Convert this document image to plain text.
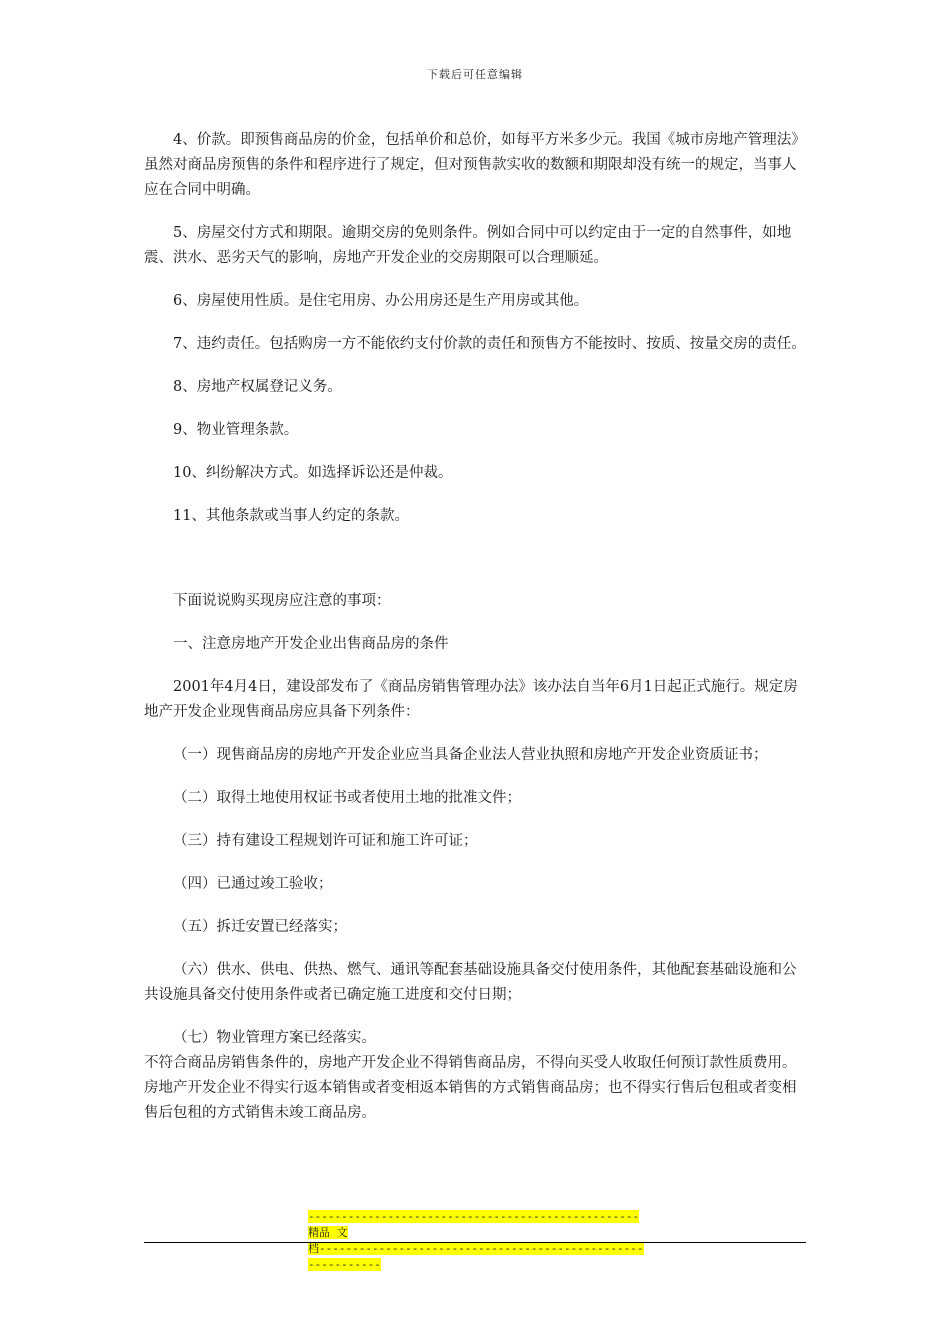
下载后可任意编辑

4、价款。即预售商品房的价金，包括单价和总价，如每平方米多少元。我国《城市房地产管理法》虽然对商品房预售的条件和程序进行了规定，但对预售款实收的数额和期限却没有统一的规定，当事人应在合同中明确。

5、房屋交付方式和期限。逾期交房的免则条件。例如合同中可以约定由于一定的自然事件，如地震、洪水、恶劣天气的影响，房地产开发企业的交房期限可以合理顺延。

6、房屋使用性质。是住宅用房、办公用房还是生产用房或其他。

7、违约责任。包括购房一方不能依约支付价款的责任和预售方不能按时、按质、按量交房的责任。

8、房地产权属登记义务。

9、物业管理条款。

10、纠纷解决方式。如选择诉讼还是仲裁。

11、其他条款或当事人约定的条款。

下面说说购买现房应注意的事项：

一、注意房地产开发企业出售商品房的条件

2001年4月4日，建设部发布了《商品房销售管理办法》该办法自当年6月1日起正式施行。规定房地产开发企业现售商品房应具备下列条件：

（一）现售商品房的房地产开发企业应当具备企业法人营业执照和房地产开发企业资质证书；

（二）取得土地使用权证书或者使用土地的批准文件；

（三）持有建设工程规划许可证和施工许可证；

（四）已通过竣工验收；

（五）拆迁安置已经落实；

（六）供水、供电、供热、燃气、通讯等配套基础设施具备交付使用条件，其他配套基础设施和公共设施具备交付使用条件或者已确定施工进度和交付日期；

（七）物业管理方案已经落实。

不符合商品房销售条件的，房地产开发企业不得销售商品房，不得向买受人收取任何预订款性质费用。

房地产开发企业不得实行返本销售或者变相返本销售的方式销售商品房；也不得实行售后包租或者变相售后包租的方式销售未竣工商品房。

--------------------------------------------------精品 文
档------------------------------------------------------------
